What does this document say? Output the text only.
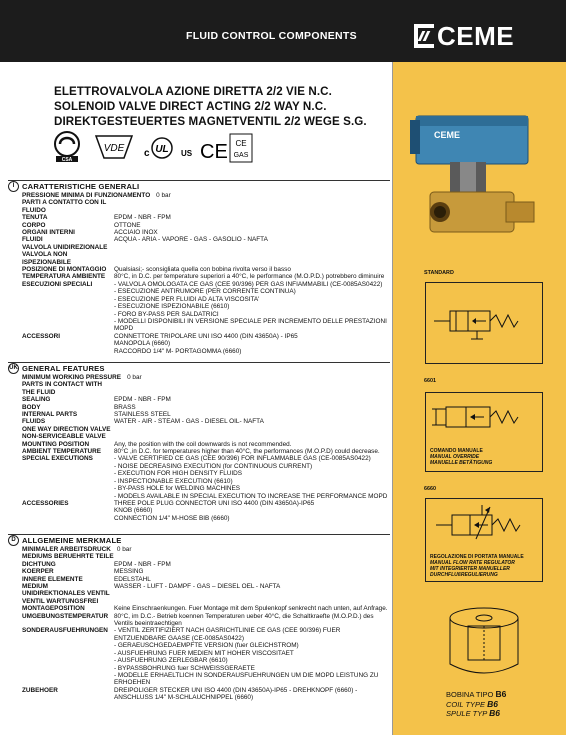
FLUID CONTROL COMPONENTS	CEME
ELETTROVALVOLA AZIONE DIRETTA 2/2 VIE N.C.
SOLENOID VALVE DIRECT ACTING 2/2 WAY N.C.
DIREKTGESTEUERTES MAGNETVENTIL 2/2 WEGE S.G.
CSA
VDE c UL US CE CE
GAS
I	CARATTERISTICHE GENERALI
PRESSIONE MINIMA DI FUNZIONAMENTO 0 bar
PARTI A CONTATTO CON IL FLUIDO
TENUTA	EPDM - NBR - FPM
CORPO	OTTONE
ORGANI INTERNI	ACCIAIO INOX
FLUIDI	ACQUA - ARIA - VAPORE - GAS - GASOLIO - NAFTA
VALVOLA UNIDIREZIONALE
VALVOLA NON ISPEZIONABILE
POSIZIONE DI MONTAGGIO	Qualsiasi;- sconsigliata quella con bobina rivolta verso il basso
TEMPERATURA AMBIENTE	80°C, in D.C. per temperature superiori a 40°C, le performance (M.O.P.D.) potrebbero diminuire
ESECUZIONI SPECIALI	- VALVOLA OMOLOGATA CE GAS (CEE 90/396) PER GAS INFIAMMABILI (CE-0085AS0422)
- ESECUZIONE ANTIRUMORE (PER CORRENTE CONTINUA)
- ESECUZIONE PER FLUIDI AD ALTA VISCOSITA'
- ESECUZIONE ISPEZIONABILE (6610)
- FORO BY-PASS PER SALDATRICI
- MODELLI DISPONIBILI IN VERSIONE SPECIALE PER INCREMENTO DELLE PRESTAZIONI MOPD
ACCESSORI	CONNETTORE TRIPOLARE UNI ISO 4400 (DIN 43650A) - IP65
MANOPOLA (6660)
RACCORDO 1/4" M- PORTAGOMMA (6660)
UK GENERAL FEATURES
MINIMUM WORKING PRESSURE 0 bar
PARTS IN CONTACT WITH THE FLUID
SEALING	EPDM - NBR - FPM
BODY	BRASS
INTERNAL PARTS	STAINLESS STEEL
FLUIDS	WATER - AIR - STEAM - GAS - DIESEL OIL- NAFTA
ONE WAY DIRECTION VALVE
NON-SERVICEABLE VALVE
MOUNTING POSITION	Any, the position with the coil downwards is not recommended.
AMBIENT TEMPERATURE	80°C ,in D.C. for temperatures higher than 40°C, the performances (M.O.P.D) could decrease.
SPECIAL EXECUTIONS	- VALVE CERTIFIED CE GAS (CEE 90/396) FOR INFLAMMABLE GAS (CE-0085AS0422)
- NOISE DECREASING EXECUTION (for CONTINUOUS CURRENT)
- EXECUTION FOR HIGH DENSITY FLUIDS
- INSPECTIONABLE EXECUTION (6610)
- BY-PASS HOLE for WELDING MACHINES
- MODELS AVAILABLE IN SPECIAL EXECUTION TO INCREASE THE PERFORMANCE MOPD
ACCESSORIES	THREE POLE PLUG CONNECTOR UNI ISO 4400 (DIN 43650A)-IP65
KNOB (6660)
CONNECTION 1/4" M-HOSE BIB (6660)
D ALLGEMEINE MERKMALE
MINIMALER ARBEITSDRUCK 0 bar
MEDIUMS BERUEHRTE TEILE
DICHTUNG	EPDM - NBR - FPM
KOERPER	MESSING
INNERE ELEMENTE	EDELSTAHL
MEDIUM	WASSER - LUFT - DAMPF - GAS – DIESEL OEL - NAFTA
UNIDIREKTIONALES VENTIL
VENTIL WARTUNGSFREI
MONTAGEPOSITION	Keine Einschraenkungen. Fuer Montage mit dem Spulenkopf senkrecht nach unten, auf Anfrage.
UMGEBUNGSTEMPERATUR 80°C, im D.C.- Betrieb koennen Temperaturen ueber 40°C, die Schaltkraefte (M.O.P.D.) des Ventils beeintraechtigen
SONDERAUSFUEHRUNGEN - VENTIL ZERTIFIZIERT NACH GASRICHTLINIE CE GAS (CEE 90/396) FUER ENTZUENDBARE GAASE (CE-0085AS0422)
- GERAEUSCHGEDAEMPFTE VERSION (fuer GLEICHSTROM)
- AUSFUEHRUNG FUER MEDIEN MIT HOHER VISCOSITAET
- AUSFUEHRUNG ZERLEGBAR (6610)
- BYPASSBOHRUNG fuer SCHWEISSGERAETE
- MODELLE ERHAELTLICH IN SONDERAUSFUEHRUNGEN UM DIE MOPD LEISTUNG ZU ERHOEHEN
ZUBEHOER	DREIPOLIGER STECKER UNI ISO 4400 (DIN 43650A)-IP65 - DREHKNOPF (6660) - ANSCHLUSS 1/4" M-SCHLAUCHNIPPEL (6660)
CEME
STANDARD
6601
COMANDO MANUALE
MANUAL OVERRIDE
MANUELLE BETÄTIGUNG
6660
REGOLAZIONE DI PORTATA MANUALE
MANUAL FLOW RATE REGULATOR
MIT INTEGRIERTER MANUELLER
DURCHFLUßREGULIERUNG
BOBINA TIPO B6
COIL TYPE B6
SPULE TYP B6
